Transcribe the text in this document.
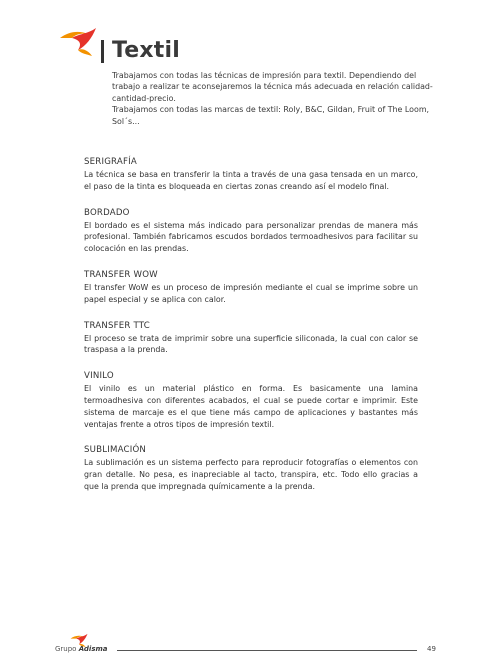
Textil

Trabajamos con todas las técnicas de impresión para textil. Dependiendo del trabajo a realizar te aconsejaremos la técnica más adecuada en relación calidad-cantidad-precio.

Trabajamos con todas las marcas de textil: Roly, B&C, Gildan, Fruit of The Loom, Sol´s...

SERIGRAFÍA
La técnica se basa en transferir la tinta a través de una gasa tensada en un marco, el paso de la tinta es bloqueada en ciertas zonas creando así el modelo final.
BORDADO
El bordado es el sistema más indicado para personalizar prendas de manera más profesional. También fabricamos escudos bordados termoadhesivos para facilitar su colocación en las prendas.
TRANSFER WOW
El transfer WoW es un proceso de impresión mediante el cual se imprime sobre un papel especial y se aplica con calor.
TRANSFER TTC
El proceso se trata de imprimir sobre una superficie siliconada, la cual con calor se traspasa a la prenda.
VINILO
El vinilo es un material plástico en forma. Es basicamente una lamina termoadhesiva con diferentes acabados, el cual se puede cortar e imprimir. Este sistema de marcaje es el que tiene más campo de aplicaciones y bastantes más ventajas frente a otros tipos de impresión textil.
SUBLIMACIÓN
La sublimación es un sistema perfecto para reproducir fotografías o elementos con gran detalle. No pesa, es inapreciable al tacto, transpira, etc. Todo ello gracias a que la prenda que impregnada químicamente a la prenda.
Grupo Adisma	49
